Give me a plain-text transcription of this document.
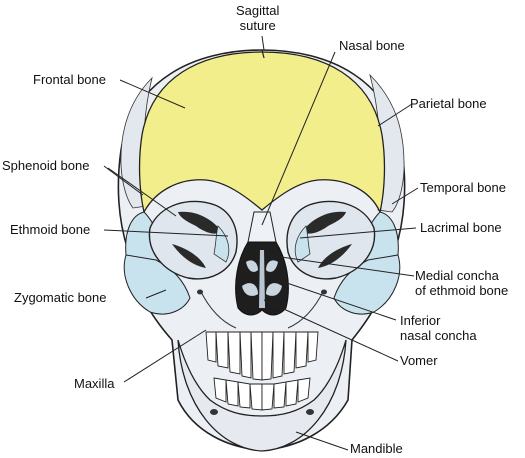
Sagittal
suture
Nasal bone
Frontal bone
Parietal bone
Sphenoid bone
Temporal bone
Ethmoid bone	Lacrimal bone
Medial concha
of ethmoid bone
Zygomatic bone
Inferior
nasal concha
Vomer
Maxilla
Mandible
